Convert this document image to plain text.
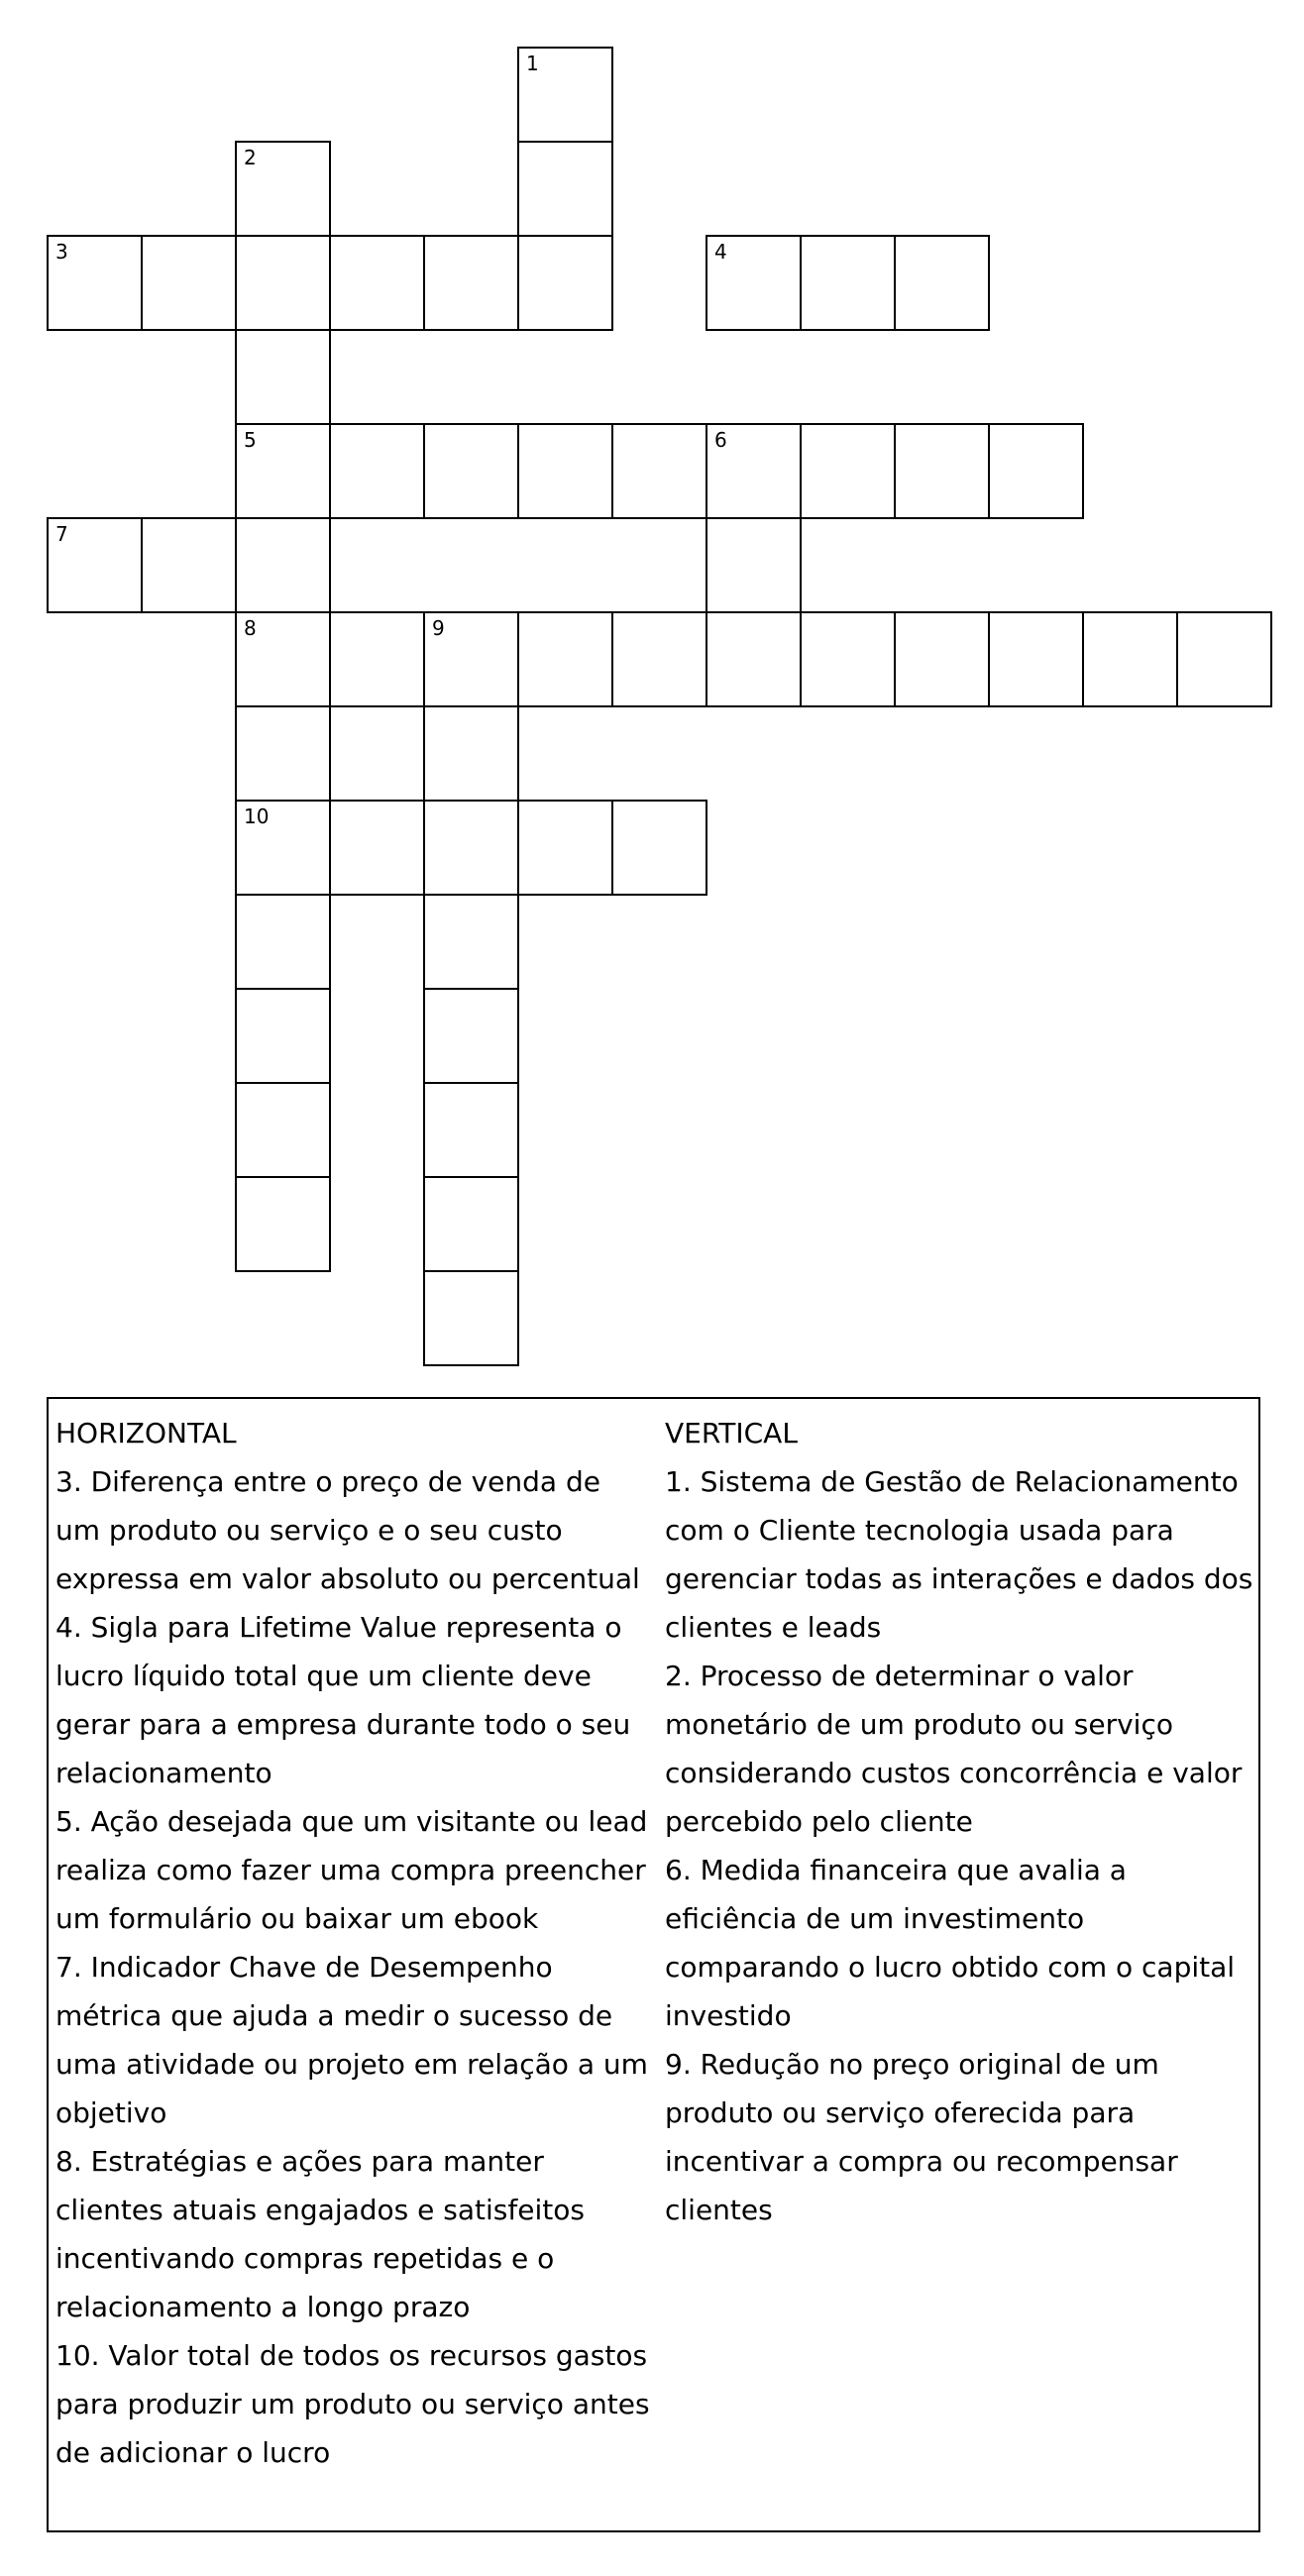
1
2
3	4
5	6
7
8	9
10
HORIZONTAL
3. Diferença entre o preço de venda de um produto ou serviço e o seu custo expressa em valor absoluto ou percentual
4. Sigla para Lifetime Value representa o lucro líquido total que um cliente deve gerar para a empresa durante todo o seu relacionamento
5. Ação desejada que um visitante ou lead realiza como fazer uma compra preencher um formulário ou baixar um ebook
7. Indicador Chave de Desempenho métrica que ajuda a medir o sucesso de uma atividade ou projeto em relação a um objetivo
8. Estratégias e ações para manter clientes atuais engajados e satisfeitos incentivando compras repetidas e o relacionamento a longo prazo
10. Valor total de todos os recursos gastos para produzir um produto ou serviço antes de adicionar o lucro
VERTICAL
1. Sistema de Gestão de Relacionamento com o Cliente tecnologia usada para gerenciar todas as interações e dados dos clientes e leads
2. Processo de determinar o valor monetário de um produto ou serviço considerando custos concorrência e valor percebido pelo cliente
6. Medida financeira que avalia a eficiência de um investimento comparando o lucro obtido com o capital investido
9. Redução no preço original de um produto ou serviço oferecida para incentivar a compra ou recompensar clientes
